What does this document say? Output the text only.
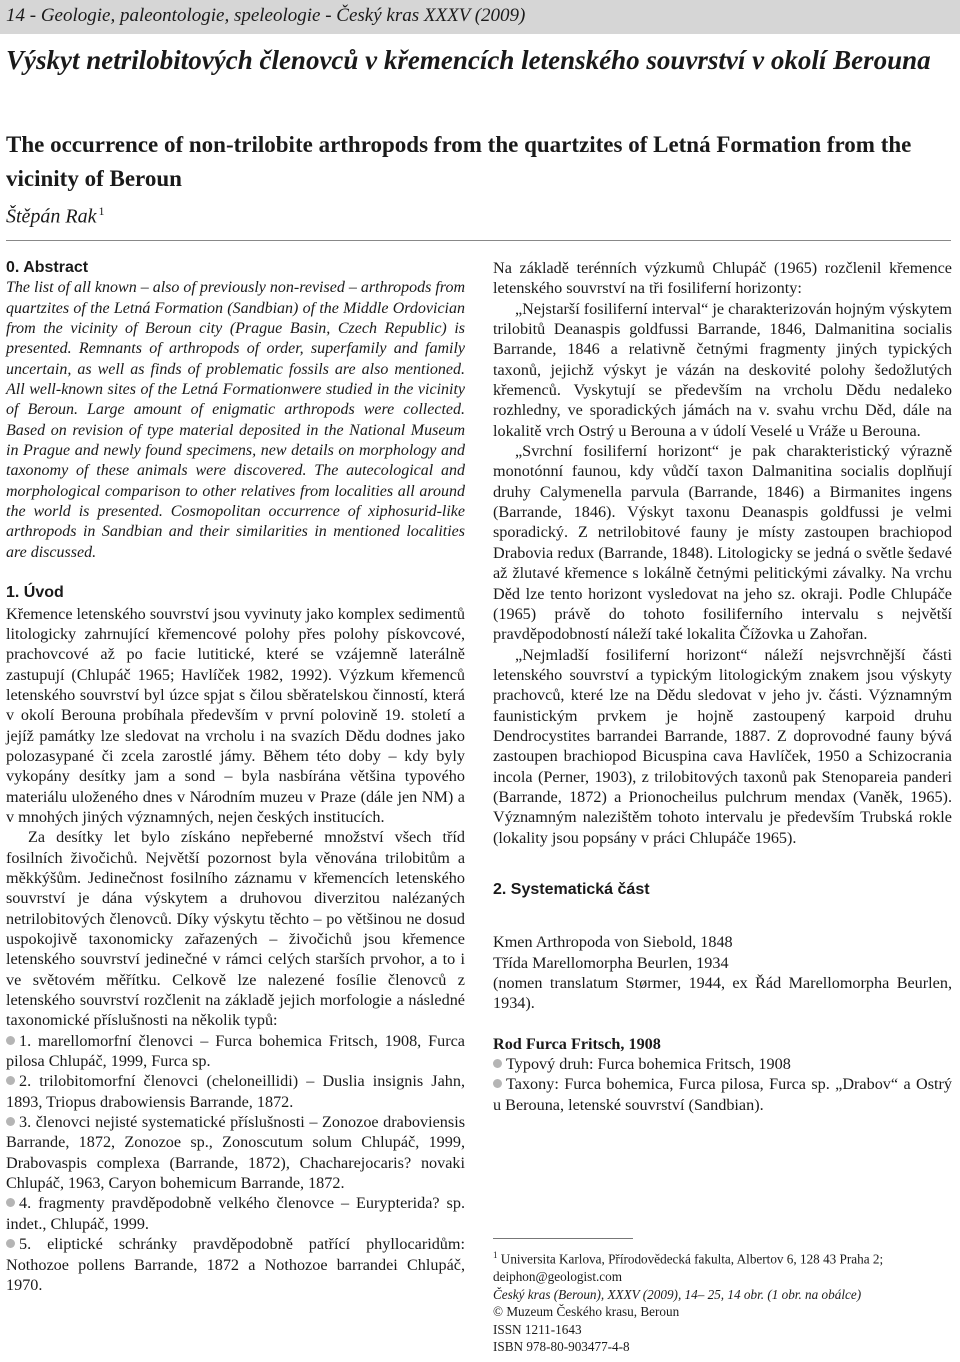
14 - Geologie, paleontologie, speleologie - Český kras XXXV (2009)
Výskyt netrilobitových členovců v křemencích letenského souvrství v okolí Berouna
The occurrence of non-trilobite arthropods from the quartzites of Letná Formation from the vicinity of Beroun
Štěpán Rak $^1$

0. Abstract

The list of all known – also of previously non-revised – arthropods from quartzites of the Letná Formation (Sandbian) of the Middle Ordovician from the vicinity of Beroun city (Prague Basin, Czech Republic) is presented. Remnants of arthropods of order, superfamily and family uncertain, as well as finds of problematic fossils are also mentioned. All well-known sites of the Letná Formationwere studied in the vicinity of Beroun. Large amount of enigmatic arthropods were collected. Based on revision of type material deposited in the National Museum in Prague and newly found specimens, new details on morphology and taxonomy of these animals were discovered. The autecological and morphological comparison to other relatives from localities all around the world is presented. Cosmopolitan occurrence of xiphosurid-like arthropods in Sandbian and their similarities in mentioned localities are discussed.

1. Úvod

Křemence letenského souvrství jsou vyvinuty jako komplex sedimentů litologicky zahrnující křemencové polohy přes polohy pískovcové, prachovcové až po facie lutitické, které se vzájemně laterálně zastupují (Chlupáč 1965; Havlíček 1982, 1992). Výzkum křemenců letenského souvrství byl úzce spjat s čilou sběratelskou činností, která v okolí Berouna probíhala především v první polovině 19. století a jejíž památky lze sledovat na vrcholu i na svazích Dědu dodnes jako polozasypané či zcela zarostlé jámy. Během této doby – kdy byly vykopány desítky jam a sond – byla nasbírána většina typového materiálu uloženého dnes v Národním muzeu v Praze (dále jen NM) a v mnohých jiných významných, nejen českých institucích.

Za desítky let bylo získáno nepřeberné množství všech tříd fosilních živočichů. Největší pozornost byla věnována trilobitům a měkkýšům. Jedinečnost fosilního záznamu v křemencích letenského souvrství je dána výskytem a druhovou diverzitou nalézaných netrilobitových členovců. Díky výskytu těchto – po většinou ne dosud uspokojivě taxonomicky zařazených – živočichů jsou křemence letenského souvrství jedinečné v rámci celých starších prvohor, a to i ve světovém měřítku. Celkově lze nalezené fosílie členovců z letenského souvrství rozčlenit na základě jejich morfologie a následné taxonomické příslušnosti na několik typů:

1. marellomorfní členovci – Furca bohemica Fritsch, 1908, Furca pilosa Chlupáč, 1999, Furca sp.

2. trilobitomorfní členovci (cheloneillidi) – Duslia insignis Jahn, 1893, Triopus drabowiensis Barrande, 1872.

3. členovci nejisté systematické příslušnosti – Zonozoe draboviensis Barrande, 1872, Zonozoe sp., Zonoscutum solum Chlupáč, 1999, Drabovaspis complexa (Barrande, 1872), Chacharejocaris? novaki Chlupáč, 1963, Caryon bohemicum Barrande, 1872.

4. fragmenty pravděpodobně velkého členovce – Eurypterida? sp. indet., Chlupáč, 1999.

5. eliptické schránky pravděpodobně patřící phyllocaridům: Nothozoe pollens Barrande, 1872 a Nothozoe barrandei Chlupáč, 1970.

Na základě terénních výzkumů Chlupáč (1965) rozčlenil křemence letenského souvrství na tři fosiliferní horizonty:

„Nejstarší fosiliferní interval“ je charakterizován hojným výskytem trilobitů Deanaspis goldfussi Barrande, 1846, Dalmanitina socialis Barrande, 1846 a relativně četnými fragmenty jiných typických taxonů, jejichž výskyt je vázán na deskovité polohy šedožlutých křemenců. Vyskytují se především na vrcholu Dědu nedaleko rozhledny, ve sporadických jámách na v. svahu vrchu Děd, dále na lokalitě vrch Ostrý u Berouna a v údolí Veselé u Vráže u Berouna.

„Svrchní fosiliferní horizont“ je pak charakteristický výrazně monotónní faunou, kdy vůdčí taxon Dalmanitina socialis doplňují druhy Calymenella parvula (Barrande, 1846) a Birmanites ingens (Barrande, 1846). Výskyt taxonu Deanaspis goldfussi je velmi sporadický. Z netrilobitové fauny je místy zastoupen brachiopod Drabovia redux (Barrande, 1848). Litologicky se jedná o světle šedavé až žlutavé křemence s lokálně četnými pelitickými závalky. Na vrchu Děd lze tento horizont vysledovat na jeho sz. okraji. Podle Chlupáče (1965) právě do tohoto fosiliferního intervalu s největší pravděpodobností náleží také lokalita Čížovka u Zahořan.

„Nejmladší fosiliferní horizont“ náleží nejsvrchnější části letenského souvrství a typickým litologickým znakem jsou výskyty prachovců, které lze na Dědu sledovat v jeho jv. části. Významným faunistickým prvkem je hojně zastoupený karpoid druhu Dendrocystites barrandei Barrande, 1887. Z doprovodné fauny bývá zastoupen brachiopod Bicuspina cava Havlíček, 1950 a Schizocrania incola (Perner, 1903), z trilobitových taxonů pak Stenopareia panderi (Barrande, 1872) a Prionocheilus pulchrum mendax (Vaněk, 1965). Významným nalezištěm tohoto intervalu je především Trubská rokle (lokality jsou popsány v práci Chlupáče 1965).

2. Systematická část

Kmen Arthropoda von Siebold, 1848

Třída Marellomorpha Beurlen, 1934

(nomen translatum Størmer, 1944, ex Řád Marellomorpha Beurlen, 1934).

Rod Furca Fritsch, 1908

Typový druh: Furca bohemica Fritsch, 1908

Taxony: Furca bohemica, Furca pilosa, Furca sp. „Drabov“ a Ostrý u Berouna, letenské souvrství (Sandbian).

$^1$ Universita Karlova, Přírodovědecká fakulta, Albertov 6, 128 43 Praha 2; deiphon@geologist.com
Český kras (Beroun), XXXV (2009), 14– 25, 14 obr. (1 obr. na obálce)
© Muzeum Českého krasu, Beroun
ISSN 1211-1643
ISBN 978-80-903477-4-8
